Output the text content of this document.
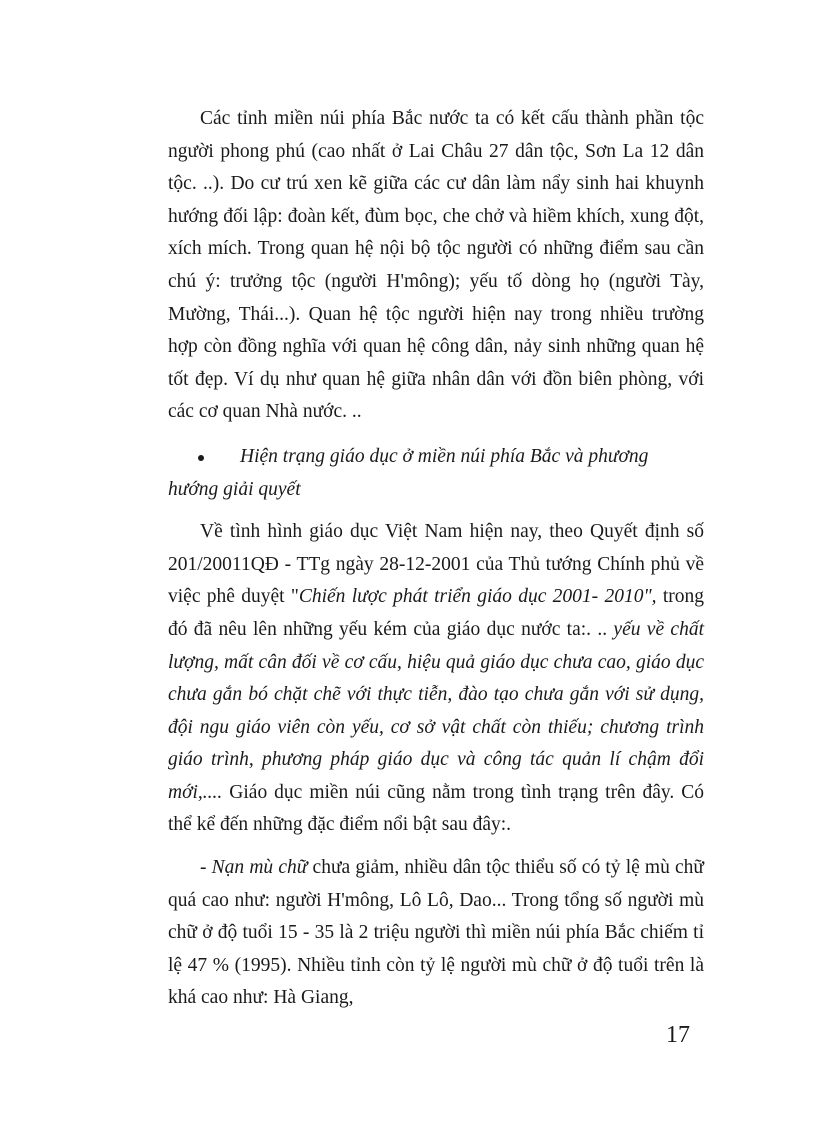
Các tỉnh miền núi phía Bắc nước ta có kết cấu thành phần tộc người phong phú (cao nhất ở Lai Châu 27 dân tộc, Sơn La 12 dân tộc. ..). Do cư trú xen kẽ giữa các cư dân làm nẩy sinh hai khuynh hướng đối lập: đoàn kết, đùm bọc, che chở và hiềm khích, xung đột, xích mích. Trong quan hệ nội bộ tộc người có những điểm sau cần chú ý: trưởng tộc (người H'mông); yếu tố dòng họ (người Tày, Mường, Thái...). Quan hệ tộc người hiện nay trong nhiều trường hợp còn đồng nghĩa với quan hệ công dân, nảy sinh những quan hệ tốt đẹp. Ví dụ như quan hệ giữa nhân dân với đồn biên phòng, với các cơ quan Nhà nước. ..

Hiện trạng giáo dục ở miền núi phía Bắc và phương
hướng giải quyết

Về tình hình giáo dục Việt Nam hiện nay, theo Quyết định số 201/20011QĐ - TTg ngày 28-12-2001 của Thủ tướng Chính phủ về việc phê duyệt "Chiến lược phát triển giáo dục 2001- 2010", trong đó đã nêu lên những yếu kém của giáo dục nước ta:. .. yếu về chất lượng, mất cân đối về cơ cấu, hiệu quả giáo dục chưa cao, giáo dục chưa gắn bó chặt chẽ với thực tiễn, đào tạo chưa gắn với sử dụng, đội ngu giáo viên còn yếu, cơ sở vật chất còn thiếu; chương trình giáo trình, phương pháp giáo dục và công tác quản lí chậm đổi mới,.... Giáo dục miền núi cũng nằm trong tình trạng trên đây. Có thể kể đến những đặc điểm nổi bật sau đây:.

- Nạn mù chữ chưa giảm, nhiều dân tộc thiểu số có tỷ lệ mù chữ quá cao như: người H'mông, Lô Lô, Dao... Trong tổng số người mù chữ ở độ tuổi 15 - 35 là 2 triệu người thì miền núi phía Bắc chiếm tỉ lệ 47 % (1995). Nhiều tỉnh còn tỷ lệ người mù chữ ở độ tuổi trên là khá cao như: Hà Giang,

17
